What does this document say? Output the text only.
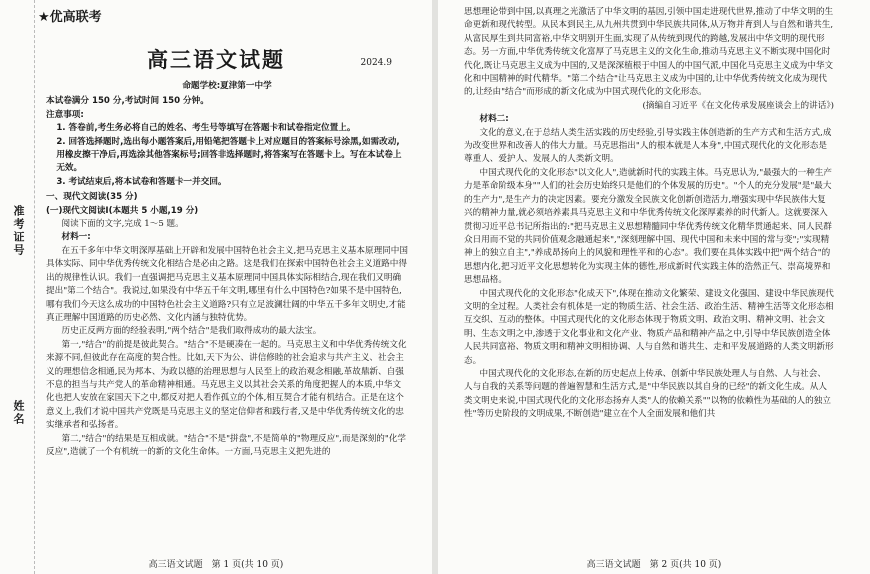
准考证号
姓名
★优高联考
高三语文试题	2024.9

命题学校:夏津第一中学

本试卷满分 150 分,考试时间 150 分钟。

注意事项:

1. 答卷前,考生务必将自己的姓名、考生号等填写在答题卡和试卷指定位置上。

2. 回答选择题时,选出每小题答案后,用铅笔把答题卡上对应题目的答案标号涂黑,如需改动,用橡皮擦干净后,再选涂其他答案标号;回答非选择题时,将答案写在答题卡上。写在本试卷上无效。

3. 考试结束后,将本试卷和答题卡一并交回。

一、现代文阅读(35 分)

(一)现代文阅读Ⅰ(本题共 5 小题,19 分)

阅读下面的文字,完成 1～5 题。

材料一:

在五千多年中华文明深厚基础上开辟和发展中国特色社会主义,把马克思主义基本原理同中国具体实际、同中华优秀传统文化相结合是必由之路。这是我们在探索中国特色社会主义道路中得出的规律性认识。我们一直强调把马克思主义基本原理同中国具体实际相结合,现在我们又明确提出"第二个结合"。我说过,如果没有中华五千年文明,哪里有什么中国特色?如果不是中国特色,哪有我们今天这么成功的中国特色社会主义道路?只有立足波澜壮阔的中华五千多年文明史,才能真正理解中国道路的历史必然、文化内涵与独特优势。

历史正反两方面的经验表明,"两个结合"是我们取得成功的最大法宝。

第一,"结合"的前提是彼此契合。"结合"不是硬凑在一起的。马克思主义和中华优秀传统文化来源不同,但彼此存在高度的契合性。比如,天下为公、讲信修睦的社会追求与共产主义、社会主义的理想信念相通,民为邦本、为政以德的治理思想与人民至上的政治观念相融,革故鼎新、自强不息的担当与共产党人的革命精神相通。马克思主义以其社会关系的角度把握人的本质,中华文化也把人安放在家国天下之中,都反对把人看作孤立的个体,相互契合才能有机结合。正是在这个意义上,我们才说中国共产党既是马克思主义的坚定信仰者和践行者,又是中华优秀传统文化的忠实继承者和弘扬者。

第二,"结合"的结果是互相成就。"结合"不是"拼盘",不是简单的"物理反应",而是深刻的"化学反应",造就了一个有机统一的新的文化生命体。一方面,马克思主义把先进的

高三语文试题　第 1 页(共 10 页)

思想理论带到中国,以真理之光激活了中华文明的基因,引领中国走进现代世界,推动了中华文明的生命更新和现代转型。从民本到民主,从九州共贯到中华民族共同体,从万物并育到人与自然和谐共生,从富民厚生到共同富裕,中华文明别开生面,实现了从传统到现代的跨越,发展出中华文明的现代形态。另一方面,中华优秀传统文化富厚了马克思主义的文化生命,推动马克思主义不断实现中国化时代化,既让马克思主义成为中国的,又是深深植根于中国人的中国气派,中国化马克思主义成为中华文化和中国精神的时代精华。"第二个结合"让马克思主义成为中国的,让中华优秀传统文化成为现代的,让经由"结合"而形成的新文化成为中国式现代化的文化形态。

(摘编自习近平《在文化传承发展座谈会上的讲话》)

材料二:

文化的意义,在于总结人类生活实践的历史经验,引导实践主体创造新的生产方式和生活方式,成为改变世界和改善人的伟大力量。马克思指出"人的根本就是人本身",中国式现代化的文化形态是尊重人、爱护人、发展人的人类新文明。

中国式现代化的文化形态"以文化人",造就新时代的实践主体。马克思认为,"最强大的一种生产力是革命阶级本身""人们的社会历史始终只是他们的个体发展的历史"。"个人的充分发展"是"最大的生产力",是生产力的决定因素。要充分激发全民族文化创新创造活力,增强实现中华民族伟大复兴的精神力量,就必须培养素具马克思主义和中华优秀传统文化深厚素养的时代新人。这就要深入贯彻习近平总书记所指出的:"把马克思主义思想精髓同中华优秀传统文化精华贯通起来、同人民群众日用而不觉的共同价值观念融通起来","深刻理解中国、现代中国和未来中国的常与变";"实现精神上的独立自主","养成昂扬向上的风貌和理性平和的心态"。我们要在具体实践中把"两个结合"的思想内化,把习近平文化思想转化为实现主体的德性,形成新时代实践主体的浩然正气、崇高境界和思想品格。

中国式现代化的文化形态"化成天下",体现在推动文化繁荣、建设文化强国、建设中华民族现代文明的全过程。人类社会有机体是一定的物质生活、社会生活、政治生活、精神生活等文化形态相互交织、互动的整体。中国式现代化的文化形态体现于物质文明、政治文明、精神文明、社会文明、生态文明之中,渗透于文化事业和文化产业、物质产品和精神产品之中,引导中华民族创造全体人民共同富裕、物质文明和精神文明相协调、人与自然和谐共生、走和平发展道路的人类文明新形态。

中国式现代化的文化形态,在新的历史起点上传承、创新中华民族处理人与自然、人与社会、人与自我的关系等问题的普遍智慧和生活方式,是"中华民族以其自身的已经"的新文化生成。从人类文明史来说,中国式现代化的文化形态扬弃人类"人的依赖关系""以物的依赖性为基础的人的独立性"等历史阶段的文明成果,不断创造"建立在个人全面发展和他们共

高三语文试题　第 2 页(共 10 页)
